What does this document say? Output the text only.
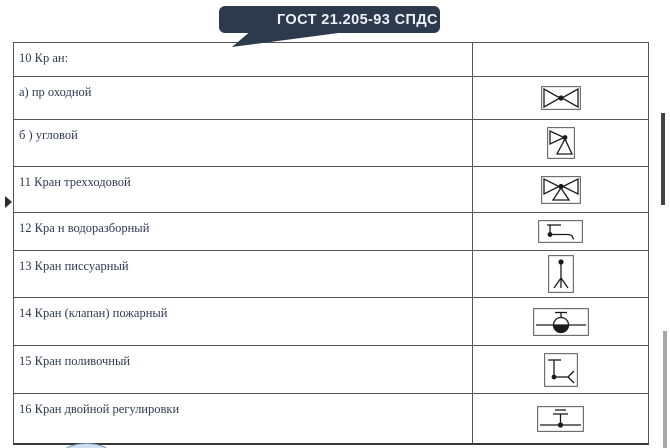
ГОСТ 21.205-93 СПДС
10 Кр ан:
а) пр оходной
б ) угловой
11 Кран трехходовой
12 Кра н водоразборный
13 Кран писсуарный
14 Кран (клапан) пожарный
15 Кран поливочный
16 Кран двойной регулировки
